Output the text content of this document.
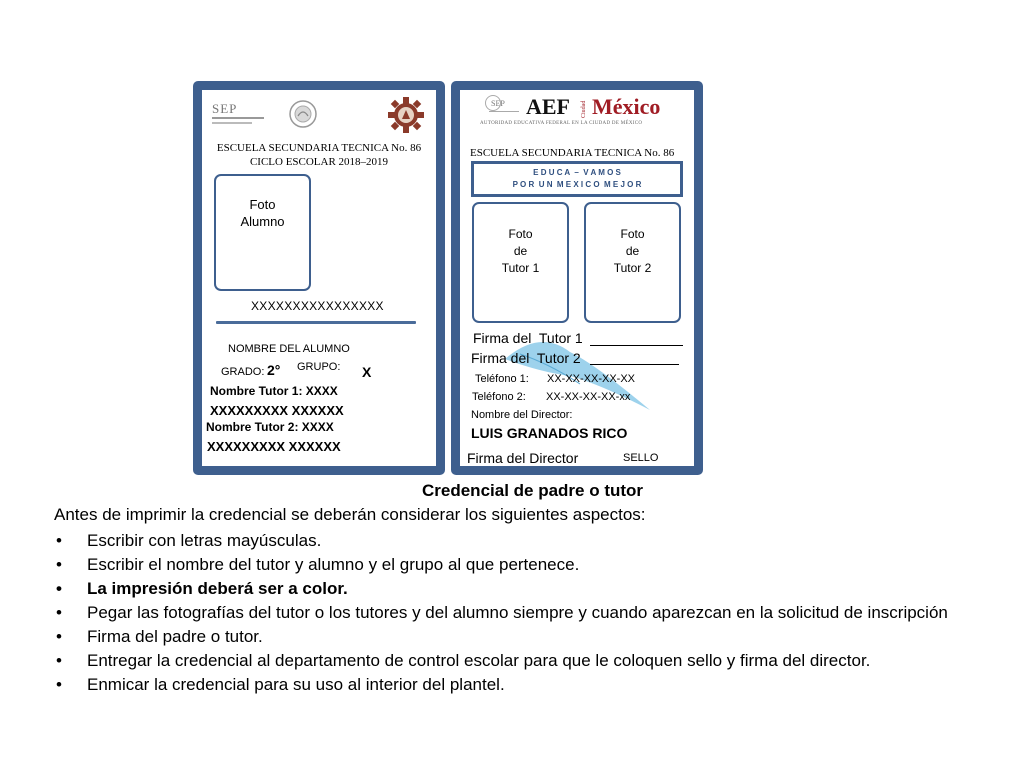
SEP
ESCUELA SECUNDARIA TECNICA No. 86
CICLO ESCOLAR 2018–2019
Foto
Alumno
XXXXXXXXXXXXXXXX
NOMBRE DEL ALUMNO
GRADO: 2° GRUPO: X
Nombre Tutor 1: XXXX
XXXXXXXXX XXXXXX
Nombre Tutor 2: XXXX
XXXXXXXXX XXXXXX
SEP AEF Ciudad México
AUTORIDAD EDUCATIVA FEDERAL EN LA CIUDAD DE MÉXICO
ESCUELA SECUNDARIA TECNICA No. 86
E D U C A  –  V A M O S
P O R  U N  M E X I C O  M E J O R
Foto
de
Tutor 1
Foto
de
Tutor 2
Firma del  Tutor 1
Firma del  Tutor 2
Teléfono 1: XX-XX-XX-XX-XX
Teléfono 2: XX-XX-XX-XX-xx
Nombre del Director:
LUIS GRANADOS RICO
Firma del Director	SELLO
Credencial de padre o tutor
Antes de imprimir la credencial se deberán considerar los siguientes aspectos:
• Escribir con letras mayúsculas.
• Escribir el nombre del tutor y alumno y el grupo al que pertenece.
• La impresión deberá ser a color.
• Pegar las fotografías del tutor o los tutores y del alumno siempre y cuando aparezcan en la solicitud de inscripción
• Firma del padre o tutor.
• Entregar la credencial al departamento de control escolar para que le coloquen sello y firma del director.
• Enmicar la credencial para su uso al interior del plantel.
